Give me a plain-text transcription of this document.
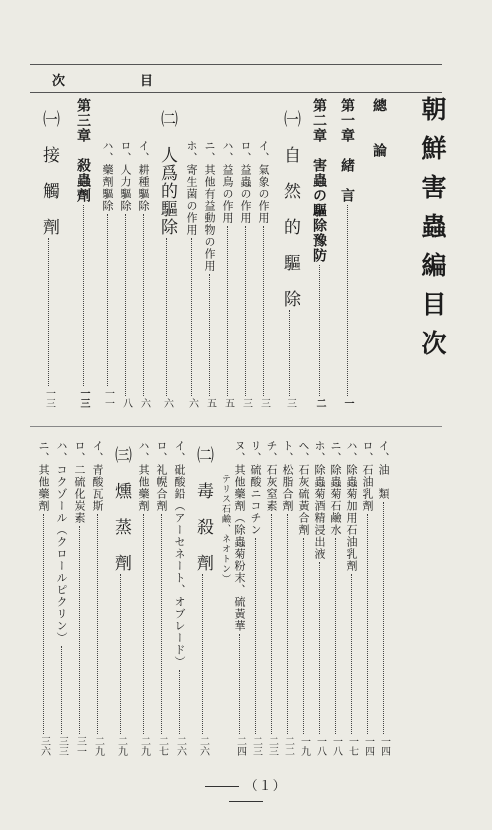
次	目
朝鮮害蟲編目次
總　　論
第一章　緒　言
一
第二章　害蟲の驅除豫防
二
㈠　自　然　的　驅　除
三
イ、氣象の作用
三
ロ、益蟲の作用
三
ハ、益鳥の作用
五
ニ、其他有益動物の作用
五
ホ、寄生菌の作用
六
㈡　人爲的驅除
六
イ、耕種驅除
六
ロ、人力驅除
八
ハ、藥劑驅除
一一
第三章　殺蟲劑
一三
㈠　接　觸　劑
一三
イ、油　類
一四
ロ、石油乳劑
一四
ハ、除蟲菊加用石油乳劑
一七
ニ、除蟲菊石鹼水
一八
ホ、除蟲菊酒精浸出液
一八
ヘ、石灰硫黃合劑
一九
ト、松脂合劑
二二
チ、石灰窒素
二三
リ、硫酸ニコチン
二三
ヌ、其他藥劑（除蟲菊粉末、硫黃華
二四
テリス石鹼、ネオトン）
㈡　毒　殺　劑
二六
イ、砒酸鉛（アーセネート、オブレード）
二六
ロ、礼幌合劑
二七
ハ、其他藥劑
二九
㈢　燻　蒸　劑
二九
イ、青酸瓦斯
二九
ロ、二硫化炭素
三一
ハ、コクゾール（クロールピクリン）
三三
ニ、其他藥劑
三六
（１）
